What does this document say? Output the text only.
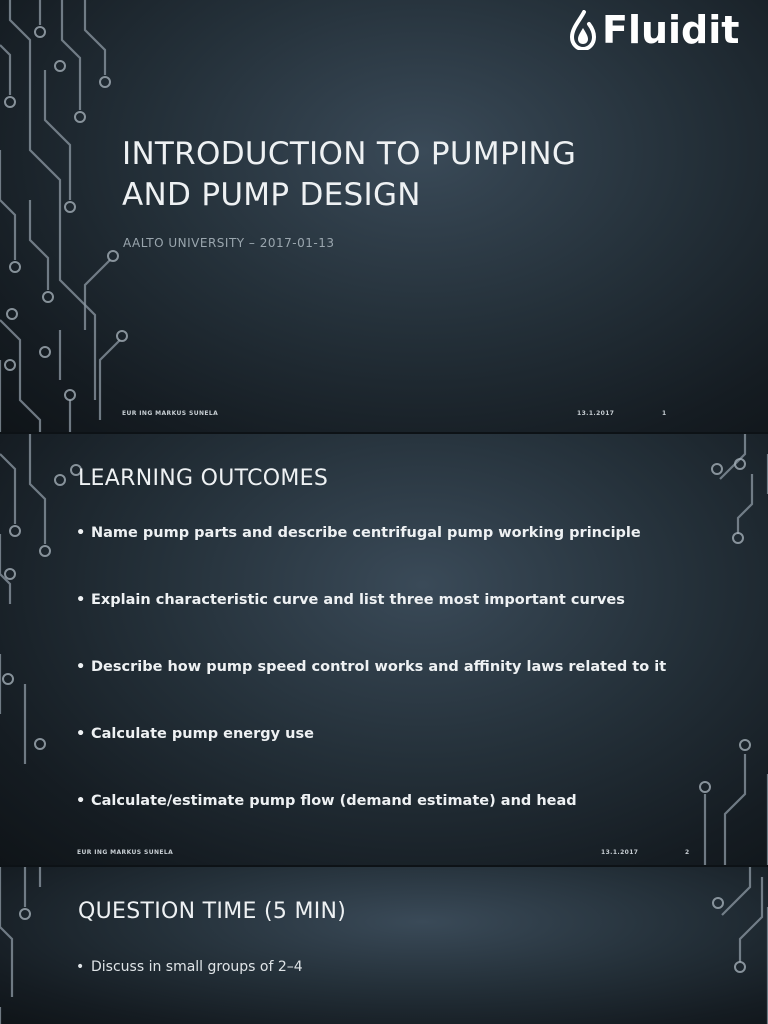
Fluidit
INTRODUCTION TO PUMPING
AND PUMP DESIGN
AALTO UNIVERSITY – 2017-01-13
EUR ING MARKUS SUNELA	13.1.2017	1
LEARNING OUTCOMES
• Name pump parts and describe centrifugal pump working principle
• Explain characteristic curve and list three most important curves
• Describe how pump speed control works and affinity laws related to it
• Calculate pump energy use
• Calculate/estimate pump flow (demand estimate) and head
EUR ING MARKUS SUNELA	13.1.2017	2
QUESTION TIME (5 MIN)
• Discuss in small groups of 2–4
